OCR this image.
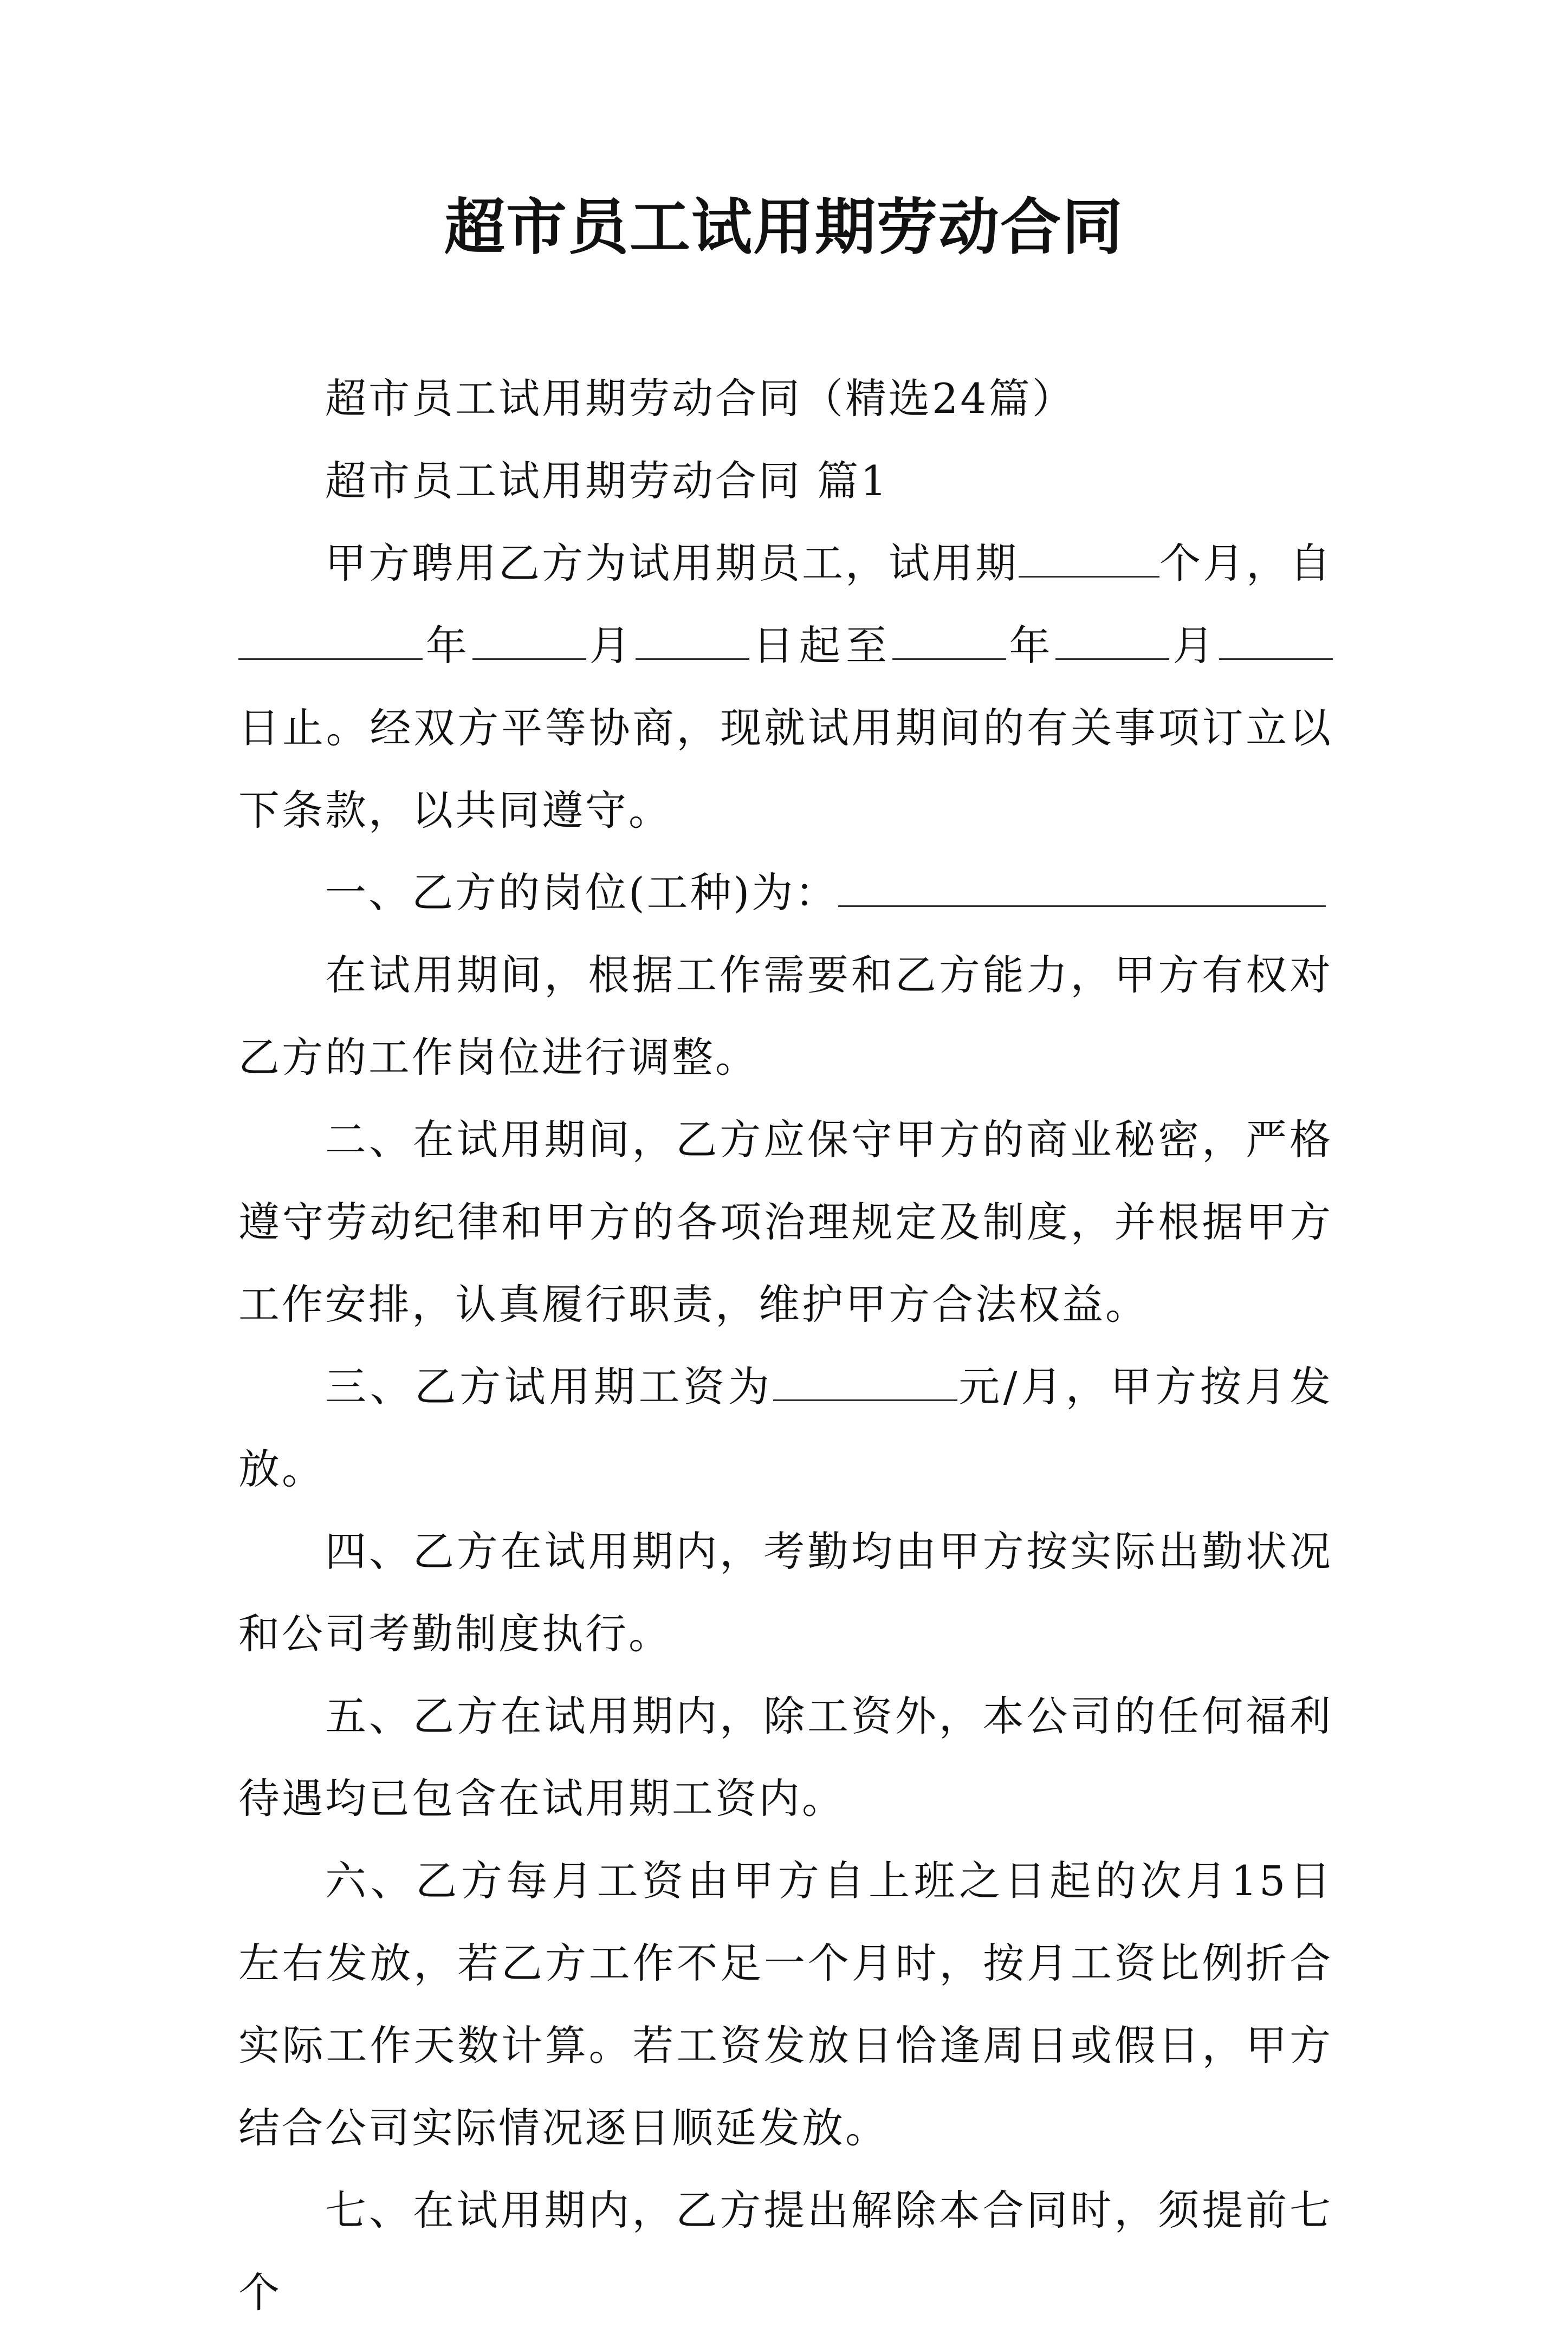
超市员工试用期劳动合同

超市员工试用期劳动合同（精选24篇）

超市员工试用期劳动合同 篇1

甲方聘用乙方为试用期员工，试用期	个月，自年	月	日起至	年	月日止。经双方平等协商，现就试用期间的有关事项订立以下条款，以共同遵守。

一、乙方的岗位(工种)为：

在试用期间，根据工作需要和乙方能力，甲方有权对乙方的工作岗位进行调整。

二、在试用期间，乙方应保守甲方的商业秘密，严格遵守劳动纪律和甲方的各项治理规定及制度，并根据甲方工作安排，认真履行职责，维护甲方合法权益。

三、乙方试用期工资为	元/月，甲方按月发放。

四、乙方在试用期内，考勤均由甲方按实际出勤状况和公司考勤制度执行。

五、乙方在试用期内，除工资外，本公司的任何福利待遇均已包含在试用期工资内。

六、乙方每月工资由甲方自上班之日起的次月15日左右发放，若乙方工作不足一个月时，按月工资比例折合实际工作天数计算。若工资发放日恰逢周日或假日，甲方结合公司实际情况逐日顺延发放。

七、在试用期内，乙方提出解除本合同时，须提前七个
